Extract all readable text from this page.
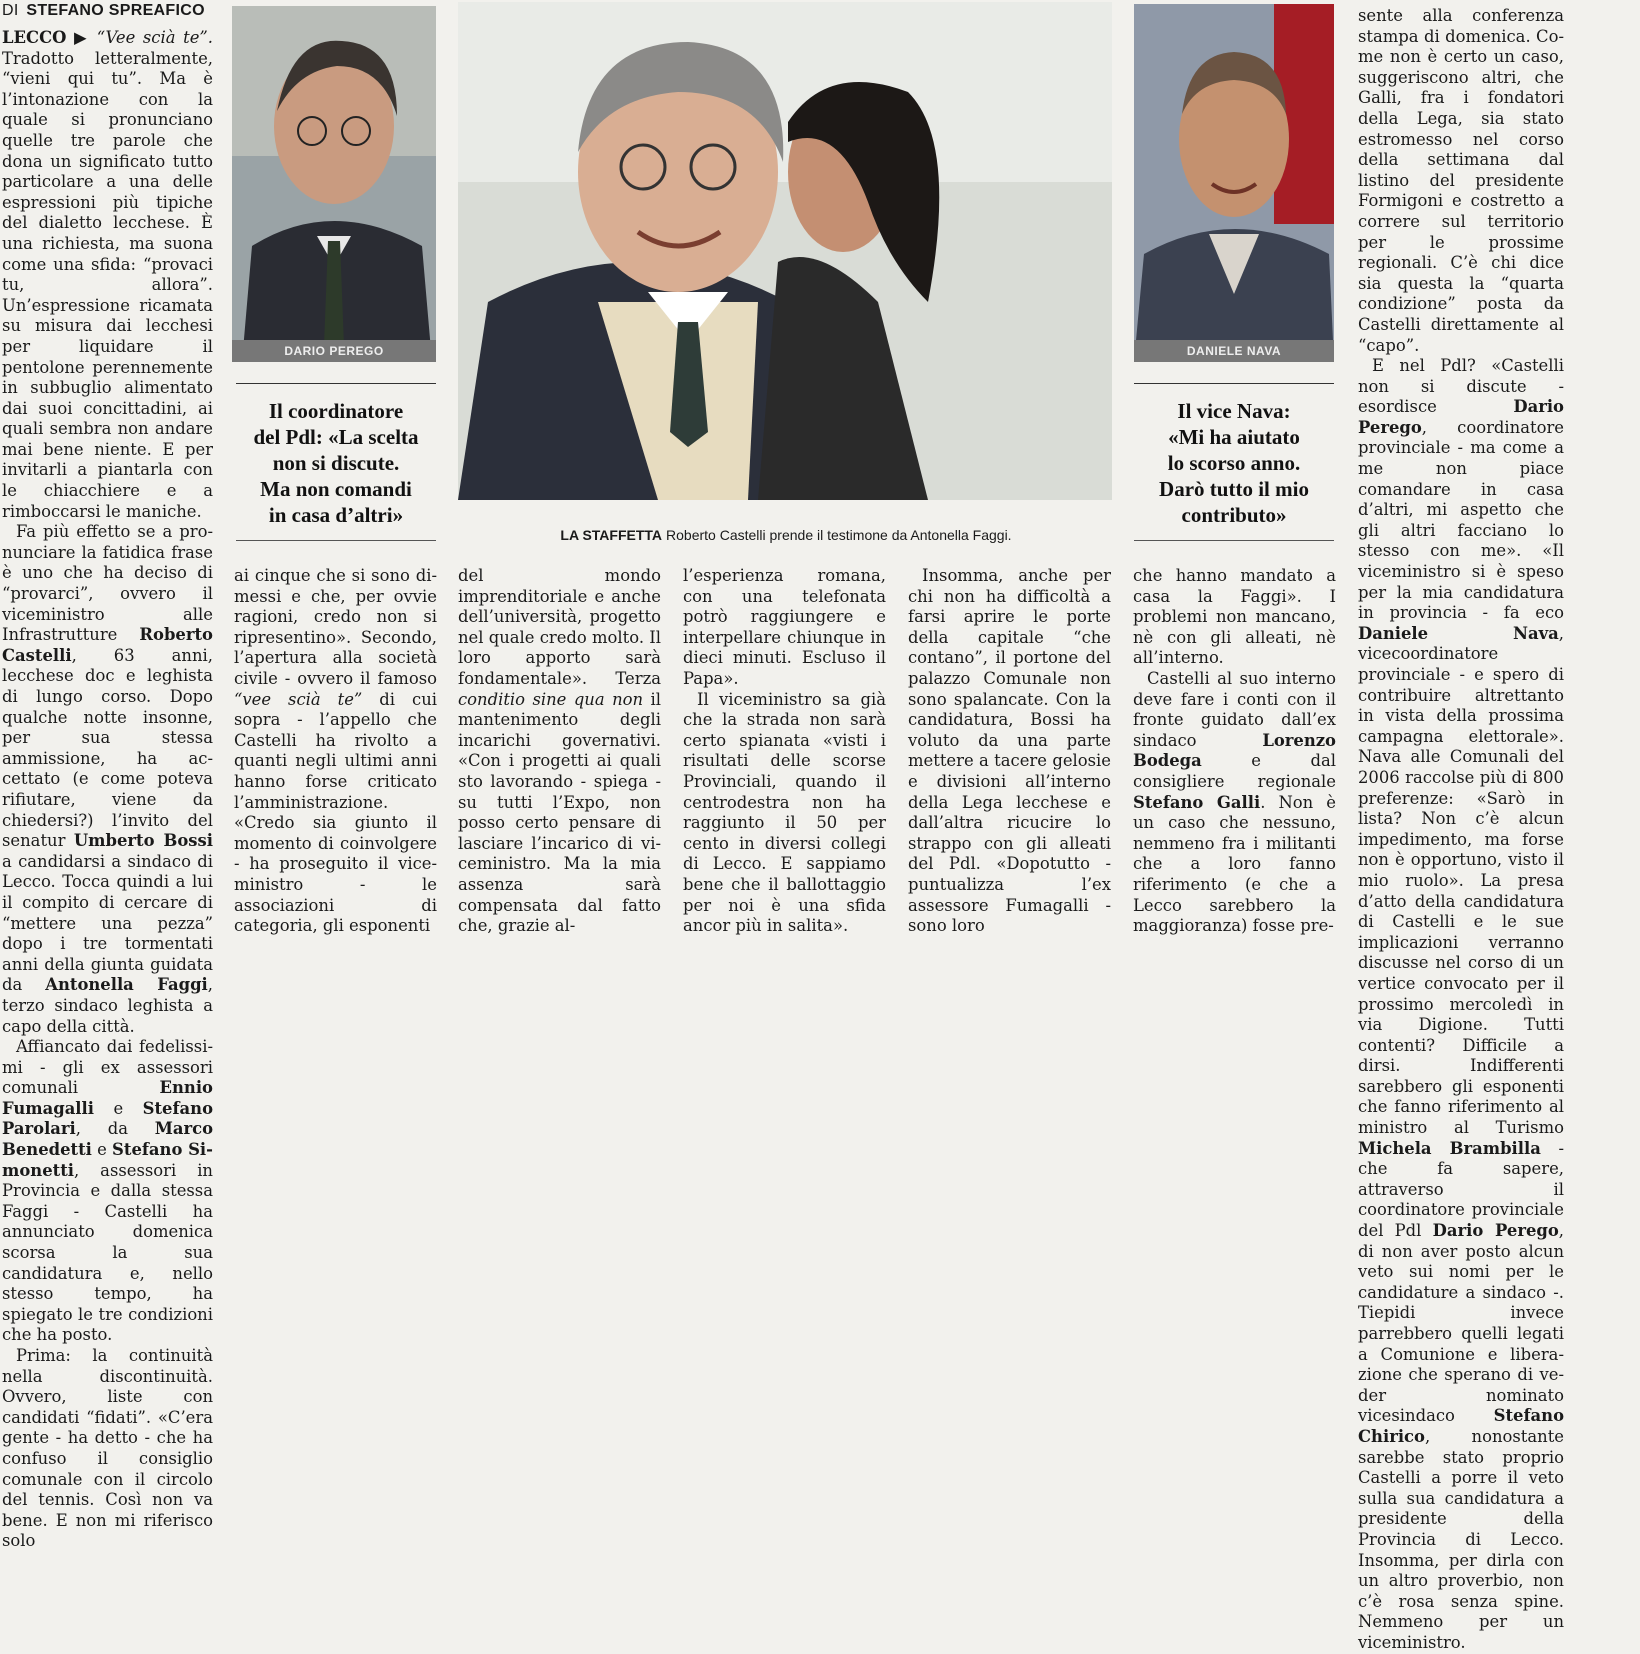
DI STEFANO SPREAFICO

LECCO ▶ “Vee scià te”. Tradotto letteralmente, “vieni qui tu”. Ma è l’intonazione con la quale si pronunciano quelle tre parole che dona un significato tutto particolare a una delle espressioni più tipiche del dialetto lecchese. È una richiesta, ma suona come una sfida: “provaci tu, allora”. Un’espressione ricamata su misura dai lecchesi per liquidare il pentolone perennemente in subbuglio alimentato dai suoi concittadini, ai quali sembra non andare mai bene niente. E per invitarli a piantarla con le chiacchiere e a rimboccarsi le maniche.

Fa più effetto se a pronunciare la fatidica frase è uno che ha deciso di “provarci”, ovvero il viceministro alle Infrastrutture Roberto Castelli, 63 anni, lecchese doc e leghista di lungo corso. Dopo qualche notte insonne, per sua stessa ammissione, ha accettato (e come poteva rifiutare, viene da chiedersi?) l’invito del senatur Umberto Bossi a candidarsi a sindaco di Lecco. Tocca quindi a lui il compito di cercare di “mettere una pezza” dopo i tre tormentati anni della giunta guidata da Antonella Faggi, terzo sindaco leghista a capo della città.

Affiancato dai fedelissimi - gli ex assessori comunali	Ennio Fumagalli e Stefano Parolari, da Marco Benedetti e Stefano Simonetti, assessori in Provincia e dalla stessa Faggi - Castelli ha annunciato domenica scorsa la sua candidatura e, nello stesso tempo, ha spiegato le tre condizioni che ha posto.

Prima: la continuità nella discontinuità. Ovvero, liste con candidati “fidati”. «C’era gente - ha detto - che ha confuso il consiglio comunale con il circolo del tennis. Così non va bene. E non mi riferisco solo

DARIO PEREGO
Il coordinatore
del Pdl: «La scelta
non si discute.
Ma non comandi
in casa d’altri»
LA STAFFETTA Roberto Castelli prende il testimone da Antonella Faggi.
DANIELE NAVA
Il vice Nava:
«Mi ha aiutato
lo scorso anno.
Darò tutto il mio
contributo»

ai cinque che si sono dimessi e che, per ovvie ragioni, credo non si ripresentino». Secondo, l’apertura alla società civile - ovvero il famoso “vee scià te” di cui sopra - l’appello che Castelli ha rivolto a quanti negli ultimi anni hanno forse criticato l’amministrazione. «Credo sia giunto il momento di coinvolgere - ha proseguito il viceministro - le associazioni di categoria, gli esponenti

del mondo imprenditoriale e anche dell’università, progetto nel quale credo molto. Il loro apporto sarà fondamentale». Terza conditio sine qua non il mantenimento degli incarichi governativi. «Con i progetti ai quali sto lavorando - spiega - su tutti l’Expo, non posso certo pensare di lasciare l’incarico di viceministro. Ma la mia assenza sarà compensata dal fatto che, grazie al-

l’esperienza romana, con una telefonata potrò raggiungere e interpellare chiunque in dieci minuti. Escluso il Papa».

Il viceministro sa già che la strada non sarà certo spianata «visti i risultati delle scorse Provinciali, quando il centrodestra non ha raggiunto il 50 per cento in diversi collegi di Lecco. E sappiamo bene che il ballottaggio per noi è una sfida ancor più in salita».

Insomma, anche per chi non ha difficoltà a farsi aprire le porte della capitale “che contano”, il portone del palazzo Comunale non sono spalancate. Con la candidatura, Bossi ha voluto da una parte mettere a tacere gelosie e divisioni all’interno della Lega lecchese e dall’altra ricucire lo strappo con gli alleati del Pdl. «Dopotutto - puntualizza l’ex assessore Fumagalli - sono loro

che hanno mandato a casa la Faggi». I problemi non mancano, nè con gli alleati, nè all’interno.

Castelli al suo interno deve fare i conti con il fronte guidato dall’ex sindaco	Lorenzo Bodega	e dal consigliere regionale Stefano Galli. Non è un caso che nessuno, nemmeno fra i militanti che a loro fanno riferimento (e che a Lecco sarebbero la maggioranza) fosse pre-

sente alla conferenza stampa di domenica. Come non è certo un caso, suggeriscono altri, che Galli, fra i fondatori della Lega, sia stato estromesso nel corso della settimana dal listino del presidente Formigoni e costretto a correre sul territorio per le prossime regionali. C’è chi dice sia questa la “quarta condizione” posta da Castelli direttamente al “capo”.

E nel Pdl? «Castelli non si discute - esordisce	Dario Perego, coordinatore provinciale - ma come a me non piace comandare in casa d’altri, mi aspetto che gli altri facciano lo stesso con me». «Il viceministro si è speso per la mia candidatura in provincia - fa eco Daniele Nava, vicecoordinatore provinciale - e spero di contribuire altrettanto in vista della prossima campagna elettorale». Nava alle Comunali del 2006 raccolse più di 800 preferenze: «Sarò in lista? Non c’è alcun impedimento, ma forse non è opportuno, visto il mio ruolo». La presa d’atto della candidatura di Castelli e le sue implicazioni verranno discusse nel corso di un vertice convocato per il prossimo mercoledì in via Digione. Tutti contenti? Difficile a dirsi. Indifferenti sarebbero gli esponenti che fanno riferimento al ministro al Turismo Michela Brambilla - che fa sapere, attraverso il coordinatore provinciale del Pdl Dario Perego, di non aver posto alcun veto sui nomi per le candidature a sindaco -. Tiepidi invece parrebbero quelli legati a Comunione e liberazione che sperano di veder nominato vicesindaco Stefano Chirico, nonostante sarebbe stato proprio Castelli a porre il veto sulla sua candidatura a presidente della Provincia di Lecco. Insomma, per dirla con un altro proverbio, non c’è rosa senza spine. Nemmeno per un viceministro.
